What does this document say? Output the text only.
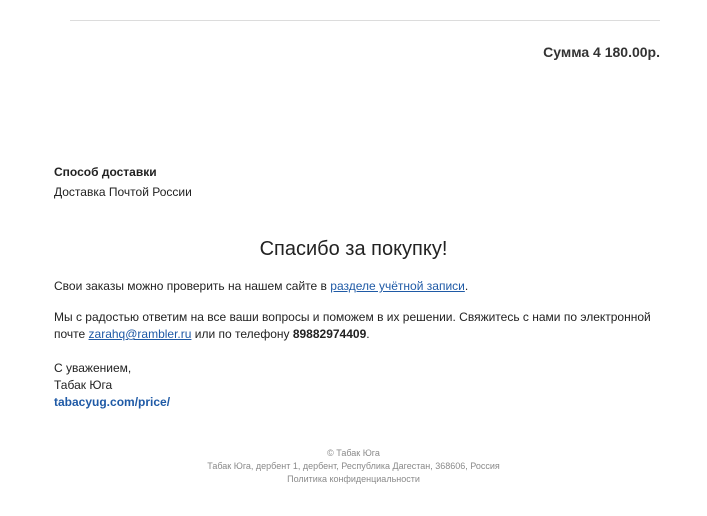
Сумма 4 180.00р.
Способ доставки
Доставка Почтой России
Спасибо за покупку!
Свои заказы можно проверить на нашем сайте в разделе учётной записи.
Мы с радостью ответим на все ваши вопросы и поможем в их решении. Свяжитесь с нами по электронной почте zarahq@rambler.ru или по телефону 89882974409.
С уважением,
Табак Юга
tabacyug.com/price/
© Табак Юга
Табак Юга, дербент 1, дербент, Республика Дагестан, 368606, Россия
Политика конфиденциальности
